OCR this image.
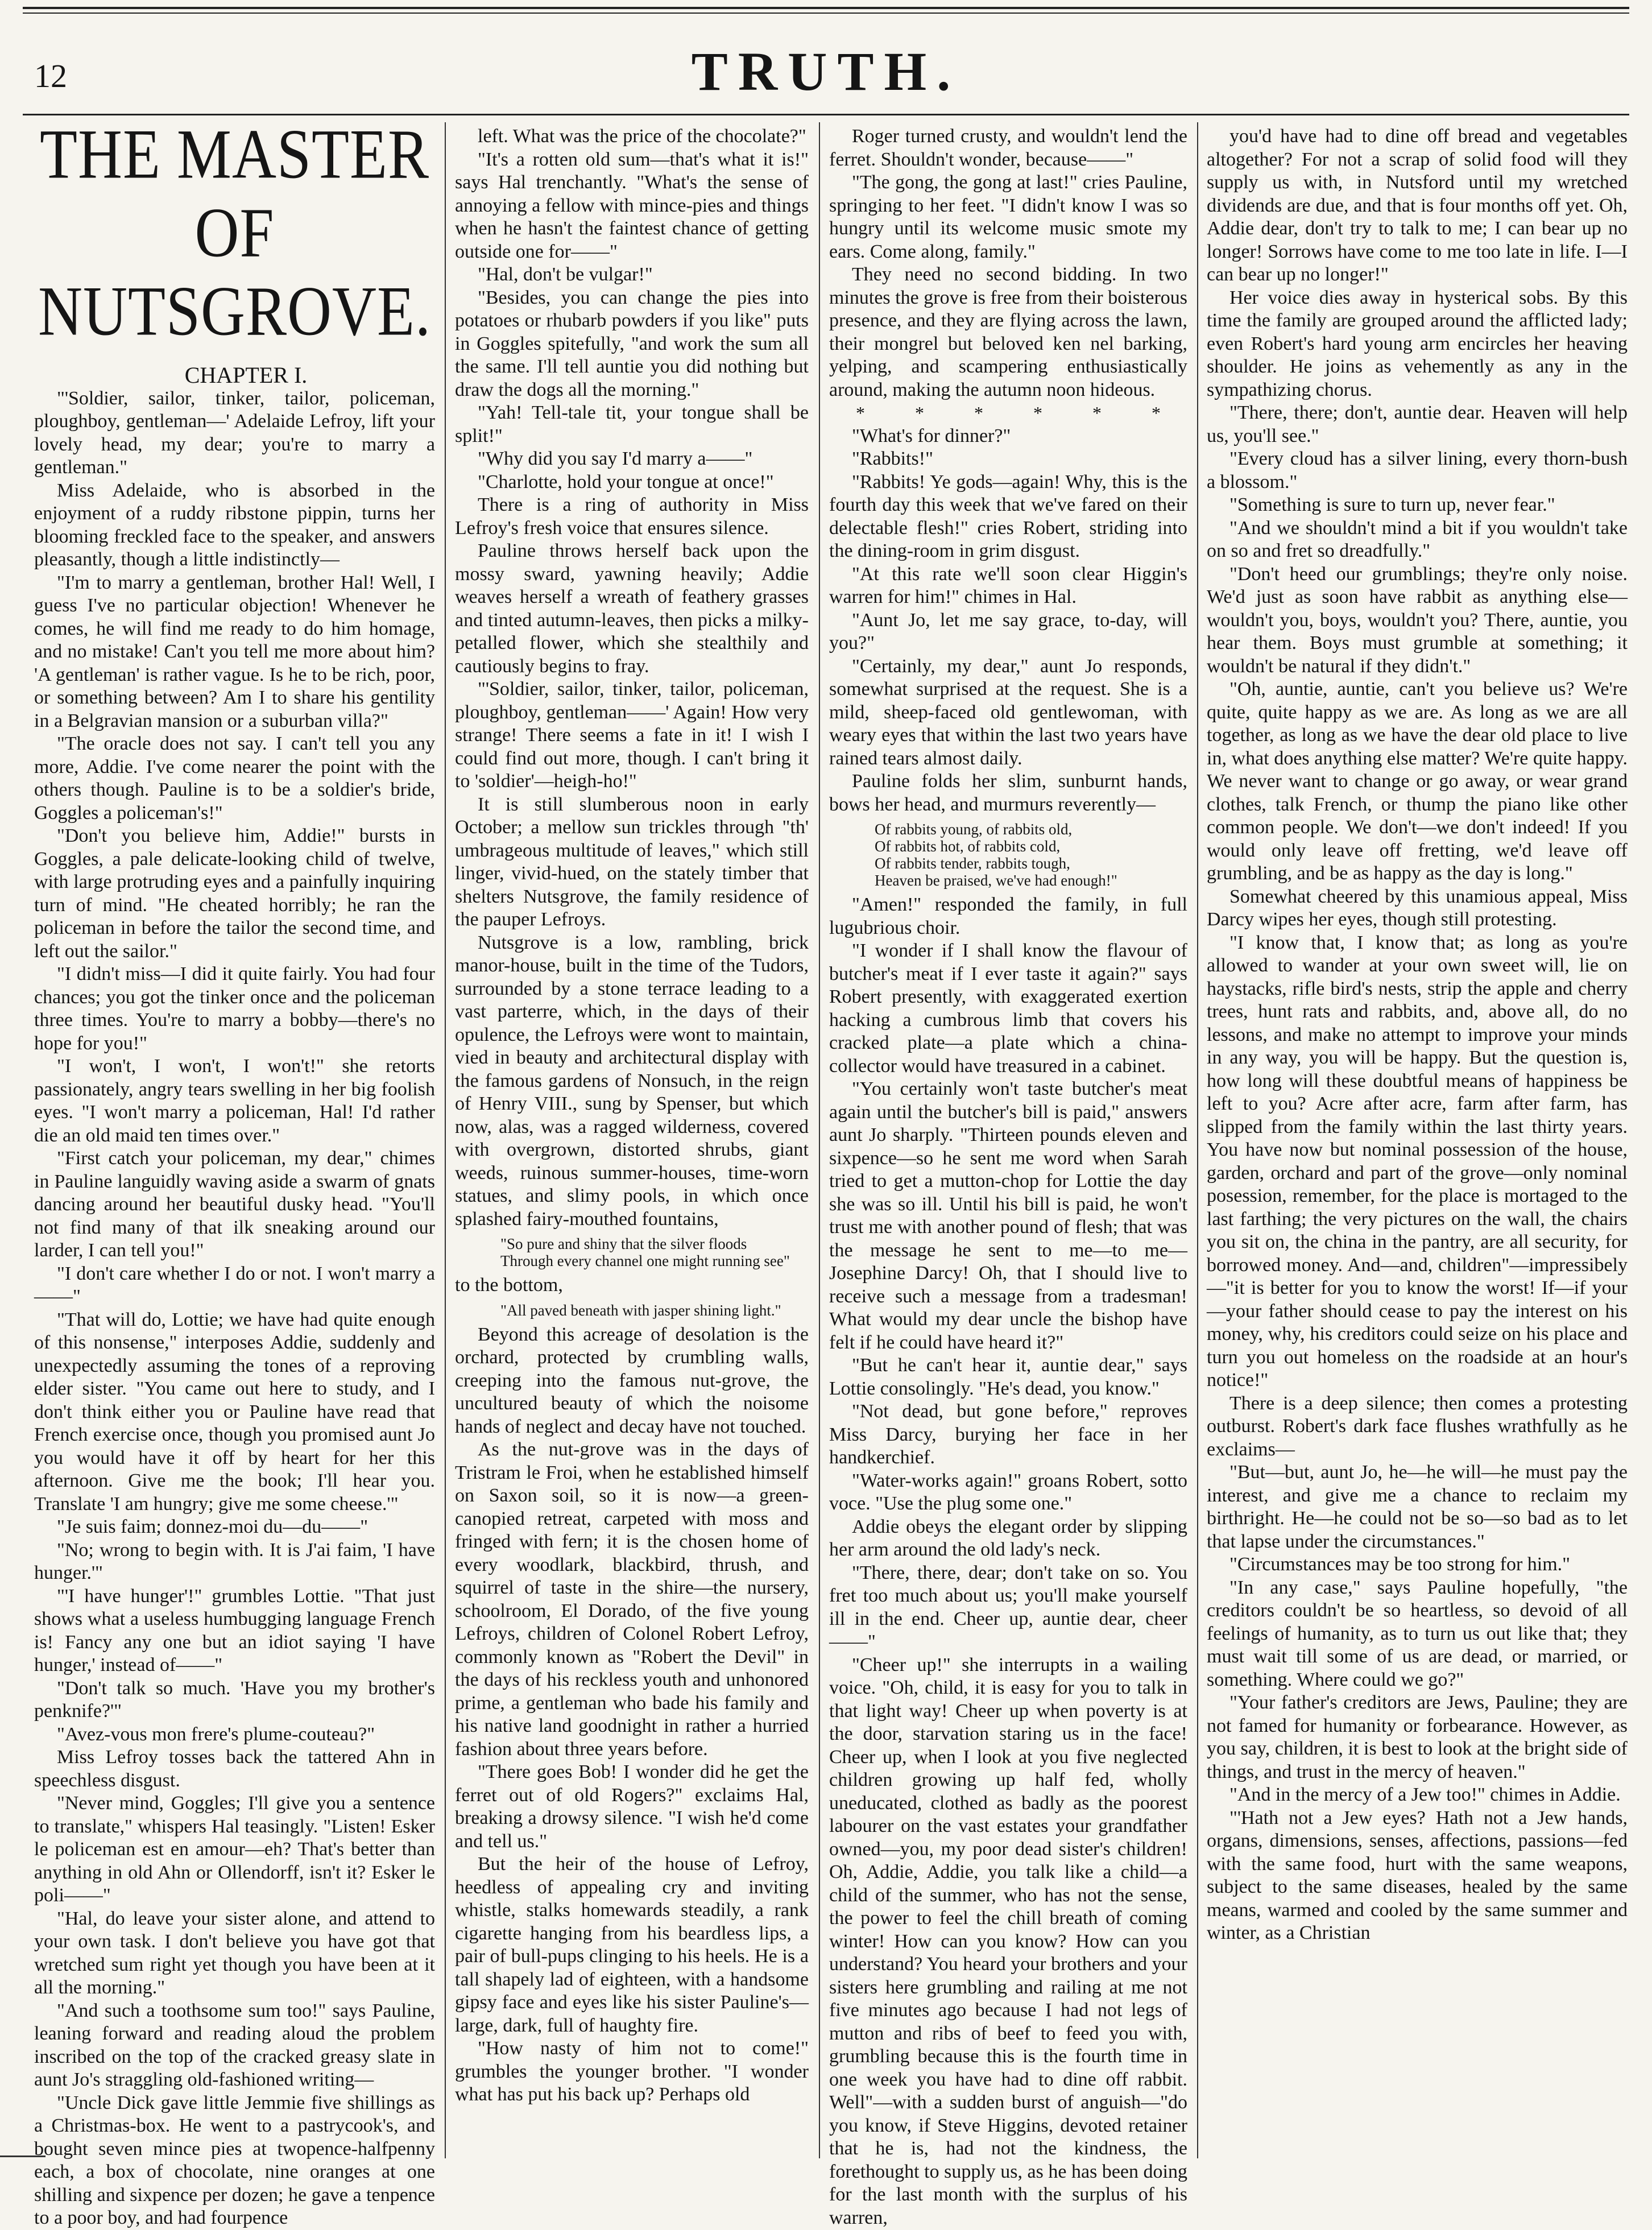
12	TRUTH.
THE MASTER OF NUTSGROVE.

CHAPTER I.

"'Soldier, sailor, tinker, tailor, policeman, ploughboy, gentleman—' Adelaide Lefroy, lift your lovely head, my dear; you're to marry a gentleman."

Miss Adelaide, who is absorbed in the enjoyment of a ruddy ribstone pippin, turns her blooming freckled face to the speaker, and answers pleasantly, though a little indistinctly—

"I'm to marry a gentleman, brother Hal! Well, I guess I've no particular objection! Whenever he comes, he will find me ready to do him homage, and no mistake! Can't you tell me more about him? 'A gentleman' is rather vague. Is he to be rich, poor, or something between? Am I to share his gentility in a Belgravian mansion or a suburban villa?"

"The oracle does not say. I can't tell you any more, Addie. I've come nearer the point with the others though. Pauline is to be a soldier's bride, Goggles a policeman's!"

"Don't you believe him, Addie!" bursts in Goggles, a pale delicate-looking child of twelve, with large protruding eyes and a painfully inquiring turn of mind. "He cheated horribly; he ran the policeman in before the tailor the second time, and left out the sailor."

"I didn't miss—I did it quite fairly. You had four chances; you got the tinker once and the policeman three times. You're to marry a bobby—there's no hope for you!"

"I won't, I won't, I won't!" she retorts passionately, angry tears swelling in her big foolish eyes. "I won't marry a policeman, Hal! I'd rather die an old maid ten times over."

"First catch your policeman, my dear," chimes in Pauline languidly waving aside a swarm of gnats dancing around her beautiful dusky head. "You'll not find many of that ilk sneaking around our larder, I can tell you!"

"I don't care whether I do or not. I won't marry a——"

"That will do, Lottie; we have had quite enough of this nonsense," interposes Addie, suddenly and unexpectedly assuming the tones of a reproving elder sister. "You came out here to study, and I don't think either you or Pauline have read that French exercise once, though you promised aunt Jo you would have it off by heart for her this afternoon. Give me the book; I'll hear you. Translate 'I am hungry; give me some cheese.'"

"Je suis faim; donnez-moi du—du——"

"No; wrong to begin with. It is J'ai faim, 'I have hunger.'"

"'I have hunger'!" grumbles Lottie. "That just shows what a useless humbugging language French is! Fancy any one but an idiot saying 'I have hunger,' instead of——"

"Don't talk so much. 'Have you my brother's penknife?'"

"Avez-vous mon frere's plume-couteau?"

Miss Lefroy tosses back the tattered Ahn in speechless disgust.

"Never mind, Goggles; I'll give you a sentence to translate," whispers Hal teasingly. "Listen! Esker le policeman est en amour—eh? That's better than anything in old Ahn or Ollendorff, isn't it? Esker le poli——"

"Hal, do leave your sister alone, and attend to your own task. I don't believe you have got that wretched sum right yet though you have been at it all the morning."

"And such a toothsome sum too!" says Pauline, leaning forward and reading aloud the problem inscribed on the top of the cracked greasy slate in aunt Jo's straggling old-fashioned writing—

"Uncle Dick gave little Jemmie five shillings as a Christmas-box. He went to a pastrycook's, and bought seven mince pies at twopence-halfpenny each, a box of chocolate, nine oranges at one shilling and sixpence per dozen; he gave a tenpence to a poor boy, and had fourpence

left. What was the price of the chocolate?"

"It's a rotten old sum—that's what it is!" says Hal trenchantly. "What's the sense of annoying a fellow with mince-pies and things when he hasn't the faintest chance of getting outside one for——"

"Hal, don't be vulgar!"

"Besides, you can change the pies into potatoes or rhubarb powders if you like" puts in Goggles spitefully, "and work the sum all the same. I'll tell auntie you did nothing but draw the dogs all the morning."

"Yah! Tell-tale tit, your tongue shall be split!"

"Why did you say I'd marry a——"

"Charlotte, hold your tongue at once!"

There is a ring of authority in Miss Lefroy's fresh voice that ensures silence.

Pauline throws herself back upon the mossy sward, yawning heavily; Addie weaves herself a wreath of feathery grasses and tinted autumn-leaves, then picks a milky-petalled flower, which she stealthily and cautiously begins to fray.

"'Soldier, sailor, tinker, tailor, policeman, ploughboy, gentleman——' Again! How very strange! There seems a fate in it! I wish I could find out more, though. I can't bring it to 'soldier'—heigh-ho!"

It is still slumberous noon in early October; a mellow sun trickles through "th' umbrageous multitude of leaves," which still linger, vivid-hued, on the stately timber that shelters Nutsgrove, the family residence of the pauper Lefroys.

Nutsgrove is a low, rambling, brick manor-house, built in the time of the Tudors, surrounded by a stone terrace leading to a vast parterre, which, in the days of their opulence, the Lefroys were wont to maintain, vied in beauty and architectural display with the famous gardens of Nonsuch, in the reign of Henry VIII., sung by Spenser, but which now, alas, was a ragged wilderness, covered with overgrown, distorted shrubs, giant weeds, ruinous summer-houses, time-worn statues, and slimy pools, in which once splashed fairy-mouthed fountains,

"So pure and shiny that the silver floods
Through every channel one might running see"

to the bottom,

"All paved beneath with jasper shining light."

Beyond this acreage of desolation is the orchard, protected by crumbling walls, creeping into the famous nut-grove, the uncultured beauty of which the noisome hands of neglect and decay have not touched.

As the nut-grove was in the days of Tristram le Froi, when he established himself on Saxon soil, so it is now—a green-canopied retreat, carpeted with moss and fringed with fern; it is the chosen home of every woodlark, blackbird, thrush, and squirrel of taste in the shire—the nursery, schoolroom, El Dorado, of the five young Lefroys, children of Colonel Robert Lefroy, commonly known as "Robert the Devil" in the days of his reckless youth and unhonored prime, a gentleman who bade his family and his native land goodnight in rather a hurried fashion about three years before.

"There goes Bob! I wonder did he get the ferret out of old Rogers?" exclaims Hal, breaking a drowsy silence. "I wish he'd come and tell us."

But the heir of the house of Lefroy, heedless of appealing cry and inviting whistle, stalks homewards steadily, a rank cigarette hanging from his beardless lips, a pair of bull-pups clinging to his heels. He is a tall shapely lad of eighteen, with a handsome gipsy face and eyes like his sister Pauline's—large, dark, full of haughty fire.

"How nasty of him not to come!" grumbles the younger brother. "I wonder what has put his back up? Perhaps old

Roger turned crusty, and wouldn't lend the ferret. Shouldn't wonder, because——"

"The gong, the gong at last!" cries Pauline, springing to her feet. "I didn't know I was so hungry until its welcome music smote my ears. Come along, family."

They need no second bidding. In two minutes the grove is free from their boisterous presence, and they are flying across the lawn, their mongrel but beloved ken nel barking, yelping, and scampering enthusiastically around, making the autumn noon hideous.

* * * * * *

"What's for dinner?"

"Rabbits!"

"Rabbits! Ye gods—again! Why, this is the fourth day this week that we've fared on their delectable flesh!" cries Robert, striding into the dining-room in grim disgust.

"At this rate we'll soon clear Higgin's warren for him!" chimes in Hal.

"Aunt Jo, let me say grace, to-day, will you?"

"Certainly, my dear," aunt Jo responds, somewhat surprised at the request. She is a mild, sheep-faced old gentlewoman, with weary eyes that within the last two years have rained tears almost daily.

Pauline folds her slim, sunburnt hands, bows her head, and murmurs reverently—

Of rabbits young, of rabbits old,
Of rabbits hot, of rabbits cold,
Of rabbits tender, rabbits tough,
Heaven be praised, we've had enough!"

"Amen!" responded the family, in full lugubrious choir.

"I wonder if I shall know the flavour of butcher's meat if I ever taste it again?" says Robert presently, with exaggerated exertion hacking a cumbrous limb that covers his cracked plate—a plate which a china-collector would have treasured in a cabinet.

"You certainly won't taste butcher's meat again until the butcher's bill is paid," answers aunt Jo sharply. "Thirteen pounds eleven and sixpence—so he sent me word when Sarah tried to get a mutton-chop for Lottie the day she was so ill. Until his bill is paid, he won't trust me with another pound of flesh; that was the message he sent to me—to me—Josephine Darcy! Oh, that I should live to receive such a message from a tradesman! What would my dear uncle the bishop have felt if he could have heard it?"

"But he can't hear it, auntie dear," says Lottie consolingly. "He's dead, you know."

"Not dead, but gone before," reproves Miss Darcy, burying her face in her handkerchief.

"Water-works again!" groans Robert, sotto voce. "Use the plug some one."

Addie obeys the elegant order by slipping her arm around the old lady's neck.

"There, there, dear; don't take on so. You fret too much about us; you'll make yourself ill in the end. Cheer up, auntie dear, cheer——"

"Cheer up!" she interrupts in a wailing voice. "Oh, child, it is easy for you to talk in that light way! Cheer up when poverty is at the door, starvation staring us in the face! Cheer up, when I look at you five neglected children growing up half fed, wholly uneducated, clothed as badly as the poorest labourer on the vast estates your grandfather owned—you, my poor dead sister's children! Oh, Addie, Addie, you talk like a child—a child of the summer, who has not the sense, the power to feel the chill breath of coming winter! How can you know? How can you understand? You heard your brothers and your sisters here grumbling and railing at me not five minutes ago because I had not legs of mutton and ribs of beef to feed you with, grumbling because this is the fourth time in one week you have had to dine off rabbit. Well"—with a sudden burst of anguish—"do you know, if Steve Higgins, devoted retainer that he is, had not the kindness, the forethought to supply us, as he has been doing for the last month with the surplus of his warren,

you'd have had to dine off bread and vegetables altogether? For not a scrap of solid food will they supply us with, in Nutsford until my wretched dividends are due, and that is four months off yet. Oh, Addie dear, don't try to talk to me; I can bear up no longer! Sorrows have come to me too late in life. I—I can bear up no longer!"

Her voice dies away in hysterical sobs. By this time the family are grouped around the afflicted lady; even Robert's hard young arm encircles her heaving shoulder. He joins as vehemently as any in the sympathizing chorus.

"There, there; don't, auntie dear. Heaven will help us, you'll see."

"Every cloud has a silver lining, every thorn-bush a blossom."

"Something is sure to turn up, never fear."

"And we shouldn't mind a bit if you wouldn't take on so and fret so dreadfully."

"Don't heed our grumblings; they're only noise. We'd just as soon have rabbit as anything else—wouldn't you, boys, wouldn't you? There, auntie, you hear them. Boys must grumble at something; it wouldn't be natural if they didn't."

"Oh, auntie, auntie, can't you believe us? We're quite, quite happy as we are. As long as we are all together, as long as we have the dear old place to live in, what does anything else matter? We're quite happy. We never want to change or go away, or wear grand clothes, talk French, or thump the piano like other common people. We don't—we don't indeed! If you would only leave off fretting, we'd leave off grumbling, and be as happy as the day is long."

Somewhat cheered by this unamious appeal, Miss Darcy wipes her eyes, though still protesting.

"I know that, I know that; as long as you're allowed to wander at your own sweet will, lie on haystacks, rifle bird's nests, strip the apple and cherry trees, hunt rats and rabbits, and, above all, do no lessons, and make no attempt to improve your minds in any way, you will be happy. But the question is, how long will these doubtful means of happiness be left to you? Acre after acre, farm after farm, has slipped from the family within the last thirty years. You have now but nominal possession of the house, garden, orchard and part of the grove—only nominal posession, remember, for the place is mortaged to the last farthing; the very pictures on the wall, the chairs you sit on, the china in the pantry, are all security, for borrowed money. And—and, children"—impressibely—"it is better for you to know the worst! If—if your—your father should cease to pay the interest on his money, why, his creditors could seize on his place and turn you out homeless on the roadside at an hour's notice!"

There is a deep silence; then comes a protesting outburst. Robert's dark face flushes wrathfully as he exclaims—

"But—but, aunt Jo, he—he will—he must pay the interest, and give me a chance to reclaim my birthright. He—he could not be so—so bad as to let that lapse under the circumstances."

"Circumstances may be too strong for him."

"In any case," says Pauline hopefully, "the creditors couldn't be so heartless, so devoid of all feelings of humanity, as to turn us out like that; they must wait till some of us are dead, or married, or something. Where could we go?"

"Your father's creditors are Jews, Pauline; they are not famed for humanity or forbearance. However, as you say, children, it is best to look at the bright side of things, and trust in the mercy of heaven."

"And in the mercy of a Jew too!" chimes in Addie.

"'Hath not a Jew eyes? Hath not a Jew hands, organs, dimensions, senses, affections, passions—fed with the same food, hurt with the same weapons, subject to the same diseases, healed by the same means, warmed and cooled by the same summer and winter, as a Christian
